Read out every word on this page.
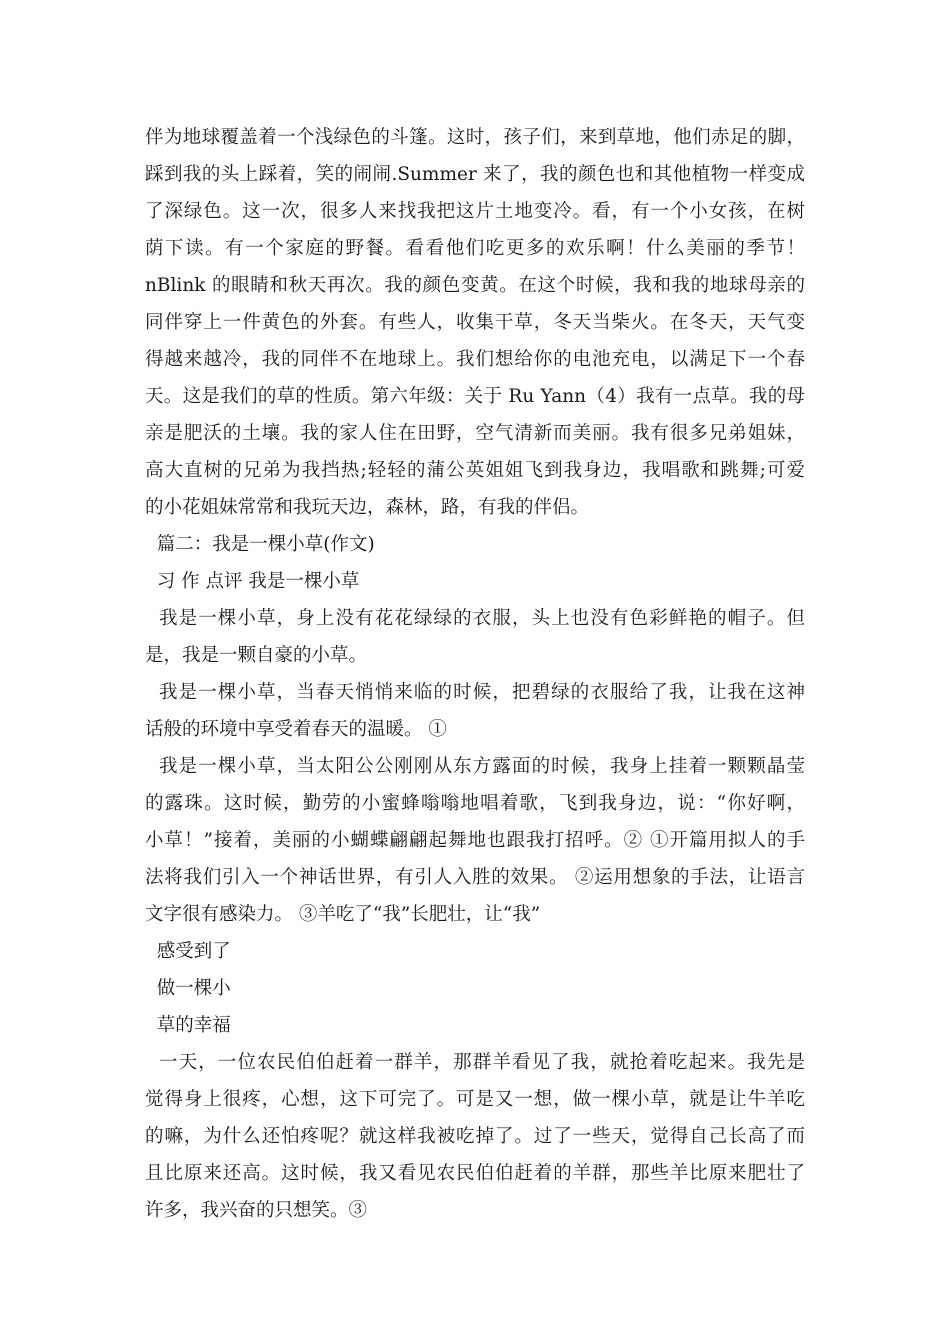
伴为地球覆盖着一个浅绿色的斗篷。这时，孩子们，来到草地，他们赤足的脚，
踩到我的头上踩着，笑的闹闹.Summer 来了，我的颜色也和其他植物一样变成
了深绿色。这一次，很多人来找我把这片土地变冷。看，有一个小女孩，在树
荫下读。有一个家庭的野餐。看看他们吃更多的欢乐啊！什么美丽的季节！
nBlink 的眼睛和秋天再次。我的颜色变黄。在这个时候，我和我的地球母亲的
同伴穿上一件黄色的外套。有些人，收集干草，冬天当柴火。在冬天，天气变
得越来越冷，我的同伴不在地球上。我们想给你的电池充电，以满足下一个春
天。这是我们的草的性质。第六年级：关于 Ru Yann（4）我有一点草。我的母
亲是肥沃的土壤。我的家人住在田野，空气清新而美丽。我有很多兄弟姐妹，
高大直树的兄弟为我挡热;轻轻的蒲公英姐姐飞到我身边，我唱歌和跳舞;可爱
的小花姐妹常常和我玩天边，森林，路，有我的伴侣。
篇二：我是一棵小草(作文)
习 作 点评 我是一棵小草
我是一棵小草，身上没有花花绿绿的衣服，头上也没有色彩鲜艳的帽子。但
是，我是一颗自豪的小草。
我是一棵小草，当春天悄悄来临的时候，把碧绿的衣服给了我，让我在这神
话般的环境中享受着春天的温暖。 ①
我是一棵小草，当太阳公公刚刚从东方露面的时候，我身上挂着一颗颗晶莹
的露珠。这时候，勤劳的小蜜蜂嗡嗡地唱着歌，飞到我身边，说：“你好啊，
小草！”接着，美丽的小蝴蝶翩翩起舞地也跟我打招呼。② ①开篇用拟人的手
法将我们引入一个神话世界，有引人入胜的效果。 ②运用想象的手法，让语言
文字很有感染力。 ③羊吃了“我”长肥壮，让“我”
感受到了
做一棵小
草的幸福
一天，一位农民伯伯赶着一群羊，那群羊看见了我，就抢着吃起来。我先是
觉得身上很疼，心想，这下可完了。可是又一想，做一棵小草，就是让牛羊吃
的嘛，为什么还怕疼呢？就这样我被吃掉了。过了一些天，觉得自己长高了而
且比原来还高。这时候，我又看见农民伯伯赶着的羊群，那些羊比原来肥壮了
许多，我兴奋的只想笑。③
